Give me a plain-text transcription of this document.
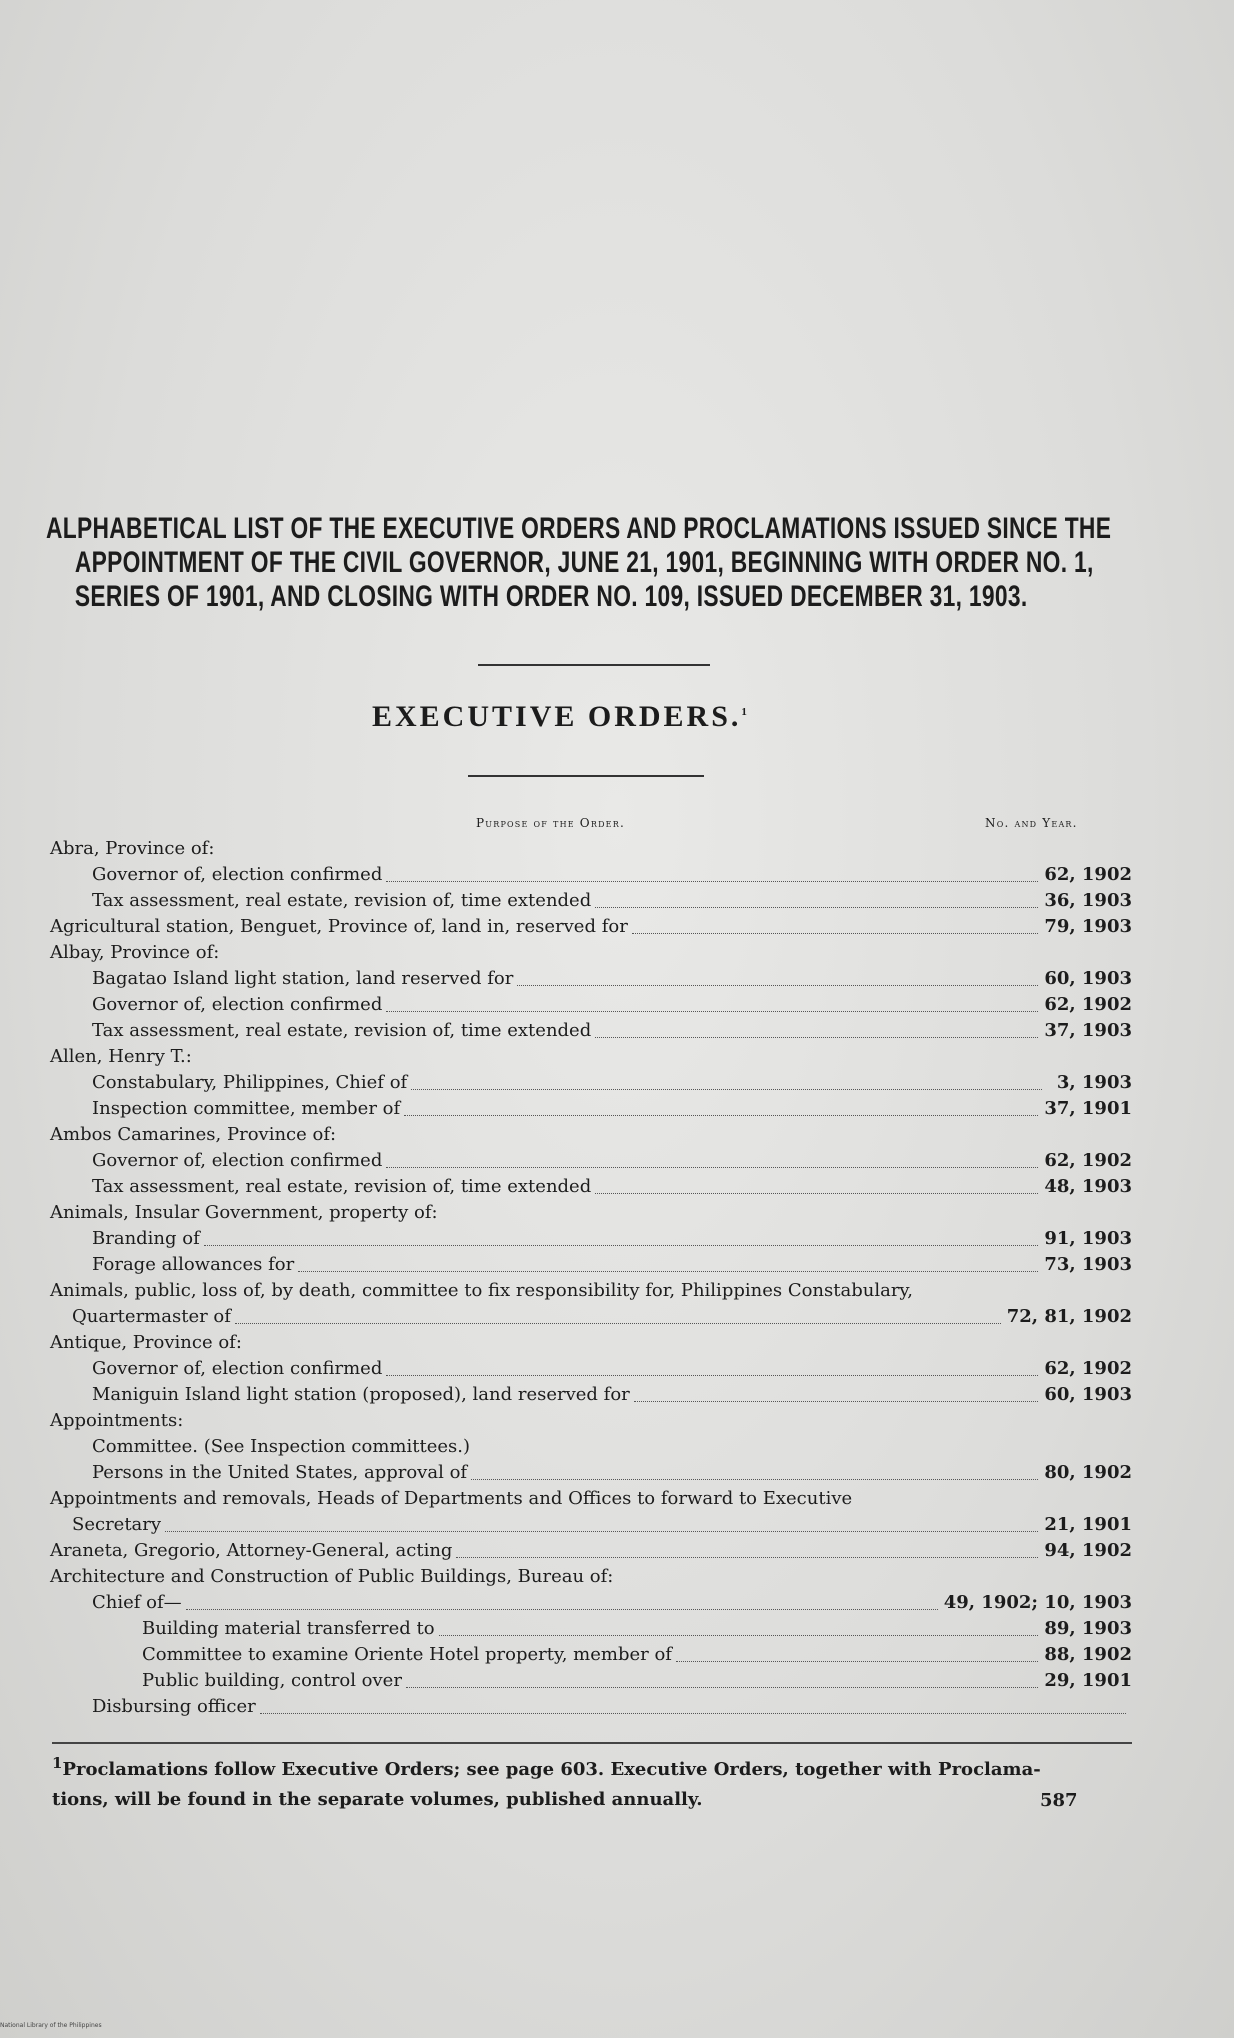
ALPHABETICAL LIST OF THE EXECUTIVE ORDERS AND PROCLAMATIONS ISSUED SINCE THE
APPOINTMENT OF THE CIVIL GOVERNOR, JUNE 21, 1901, BEGINNING WITH ORDER NO. 1,
SERIES OF 1901, AND CLOSING WITH ORDER NO. 109, ISSUED DECEMBER 31, 1903.
EXECUTIVE ORDERS.$^1$
Purpose of the Order.	No. and Year.
Abra, Province of:
Governor of, election confirmed	62, 1902
Tax assessment, real estate, revision of, time extended	36, 1903
Agricultural station, Benguet, Province of, land in, reserved for	79, 1903
Albay, Province of:
Bagatao Island light station, land reserved for	60, 1903
Governor of, election confirmed	62, 1902
Tax assessment, real estate, revision of, time extended	37, 1903
Allen, Henry T.:
Constabulary, Philippines, Chief of	3, 1903
Inspection committee, member of	37, 1901
Ambos Camarines, Province of:
Governor of, election confirmed	62, 1902
Tax assessment, real estate, revision of, time extended	48, 1903
Animals, Insular Government, property of:
Branding of	91, 1903
Forage allowances for	73, 1903
Animals, public, loss of, by death, committee to fix responsibility for, Philippines Constabulary,
Quartermaster of	72, 81, 1902
Antique, Province of:
Governor of, election confirmed	62, 1902
Maniguin Island light station (proposed), land reserved for	60, 1903
Appointments:
Committee. (See Inspection committees.)
Persons in the United States, approval of	80, 1902
Appointments and removals, Heads of Departments and Offices to forward to Executive
Secretary	21, 1901
Araneta, Gregorio, Attorney-General, acting	94, 1902
Architecture and Construction of Public Buildings, Bureau of:
Chief of—	49, 1902; 10, 1903
Building material transferred to	89, 1903
Committee to examine Oriente Hotel property, member of	88, 1902
Public building, control over	29, 1901
Disbursing officer
$^1$Proclamations follow Executive Orders; see page 603. Executive Orders, together with Proclama-
tions, will be found in the separate volumes, published annually.	587
National Library of the Philippines
